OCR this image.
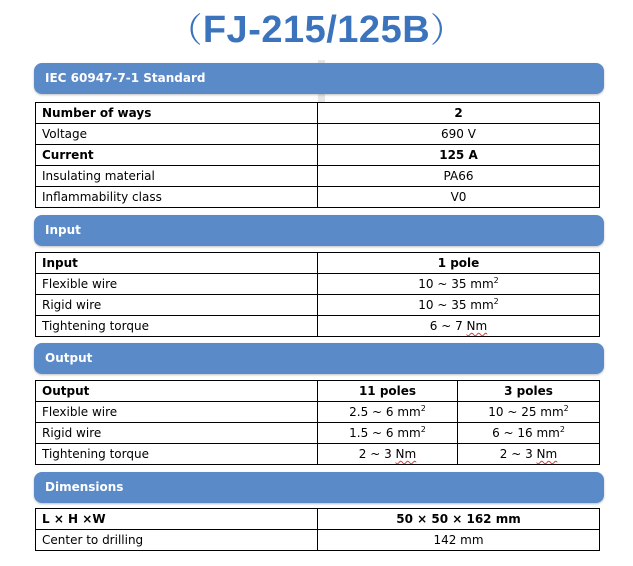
（FJ-215/125B）
IEC 60947-7-1 Standard
Number of ways	2
Voltage	690 V
Current	125 A
Insulating material	PA66
Inflammability class	V0
Input
Input	1 pole
Flexible wire	10 ~ 35 $mm^2$
Rigid wire	10 ~ 35 $mm^2$
Tightening torque	6 ~ 7 Nm
Output
Output	11 poles	3 poles
Flexible wire	2.5 ~ 6 $mm^2$	10 ~ 25 $mm^2$
Rigid wire	1.5 ~ 6 $mm^2$	6 ~ 16 $mm^2$
Tightening torque	2 ~ 3 Nm	2 ~ 3 Nm
Dimensions
L × H ×W	50 × 50 × 162 mm
Center to drilling	142 mm
